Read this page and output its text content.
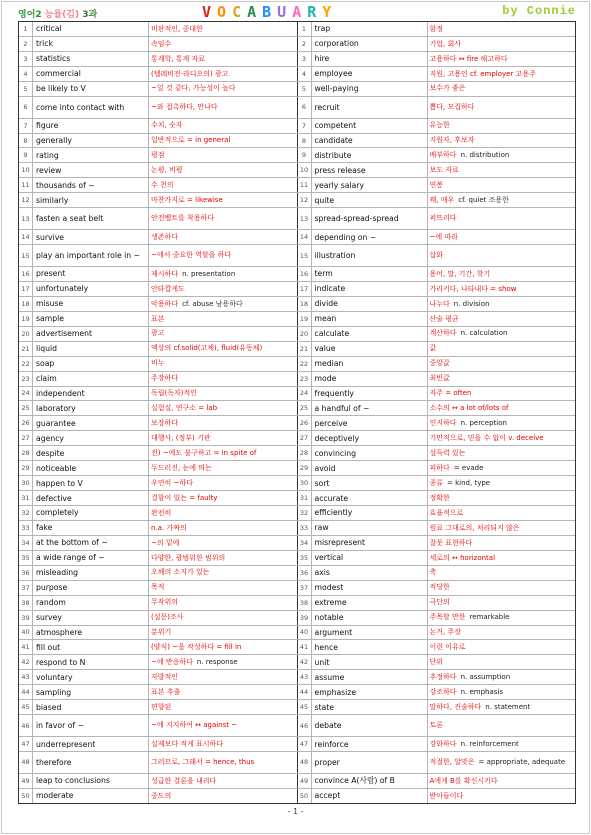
영어2 능률(김) 3과	VOCABUARY	by Connie
1	critical	비판적인, 중대한	1	trap	함정
2	trick	속임수	2	corporation	기업, 회사
3	statistics	통계학, 통계 자료	3	hire	고용하다 ↔ fire 해고하다
4	commercial	(텔레비전·라디오의) 광고	4	employee	직원, 고용인 cf. employer 고용주
5	be likely to V	~일 것 같다, 가능성이 높다	5	well-paying	보수가 좋은
6	come into contact with	~와 접촉하다, 만나다	6	recruit	뽑다, 모집하다
7	figure	수치, 숫자	7	competent	유능한
8	generally	일반적으로 = in general	8	candidate	지원자, 후보자
9	rating	평점	9	distribute	배부하다 n. distribution
10 review	논평, 비평	10 press release	보도 자료
11 thousands of ~	수 천의	11 yearly salary	연봉
12 similarly	마찬가지로 = likewise	12 quite	꽤, 매우 cf. quiet 조용한
13 fasten a seat belt	안전벨트를 착용하다	13 spread-spread-spread	퍼뜨리다
14 survive	생존하다	14 depending on ~	~에 따라
15 play an important role in ~	~에서 중요한 역할을 하다	15 illustration	삽화
16 present	제시하다 n. presentation	16 term	용어, 말, 기간, 학기
17 unfortunately	안타깝게도	17 indicate	가리키다, 나타내다 = show
18 misuse	악용하다 cf. abuse 남용하다	18 divide	나누다 n. division
19 sample	표본	19 mean	산술 평균
20 advertisement	광고	20 calculate	계산하다 n. calculation
21 liquid	액상의 cf.solid(고체), fluid(유동체)	21 value	값
22 soap	비누	22 median	중앙값
23 claim	주장하다	23 mode	최빈값
24 independent	독립(독자)적인	24 frequently	자주 = often
25 laboratory	실험실, 연구소 = lab	25 a handful of ~	소수의 ↔ a lot of/lots of
26 guarantee	보장하다	26 perceive	인지하다 n. perception
27 agency	대행사, (정부) 기관	27 deceptively	기만적으로, 믿을 수 없이 v. deceive
28 despite	전) ~에도 불구하고 = in spite of	28 convincing	설득력 있는
29 noticeable	두드러진, 눈에 띄는	29 avoid	피하다 = evade
30 happen to V	우연히 ~하다	30 sort	종류 = kind, type
31 defective	결함이 있는 = faulty	31 accurate	정확한
32 completely	완전히	32 efficiently	효율적으로
33 fake	n.a. 가짜의	33 raw	원료 그대로의, 처리되지 않은
34 at the bottom of ~	~의 밑에	34 misrepresent	잘못 표현하다
35 a wide range of ~	다양한, 광범위한 범위의	35 vertical	세로의 ↔ horizontal
36 misleading	오해의 소지가 있는	36 axis	축
37 purpose	목적	37 modest	적당한
38 random	무작위의	38 extreme	극단의
39 survey	(설문)조사	39 notable	주목할 만한 remarkable
40 atmosphere	분위기	40 argument	논거, 주장
41 fill out	(양식) ~을 작성하다 = fill in	41 hence	이런 이유로
42 respond to N	~에 반응하다 n. response	42 unit	단위
43 voluntary	자발적인	43 assume	추정하다 n. assumption
44 sampling	표본 추출	44 emphasize	강조하다 n. emphasis
45 biased	편향된	45 state	말하다, 진술하다 n. statement
46 in favor of ~	~에 지지하여 ↔ against ~	46 debate	토론
47 underrepresent	실제보다 적게 표시하다	47 reinforce	강화하다 n. reinforcement
48 therefore	그러므로, 그래서 = hence, thus	48 proper	적절한, 알맞은 = appropriate, adequate
49 leap to conclusions	성급한 결론을 내리다	49 convince A(사람) of B	A에게 B를 확신시키다
50 moderate	중도의	50 accept	받아들이다
- 1 -
